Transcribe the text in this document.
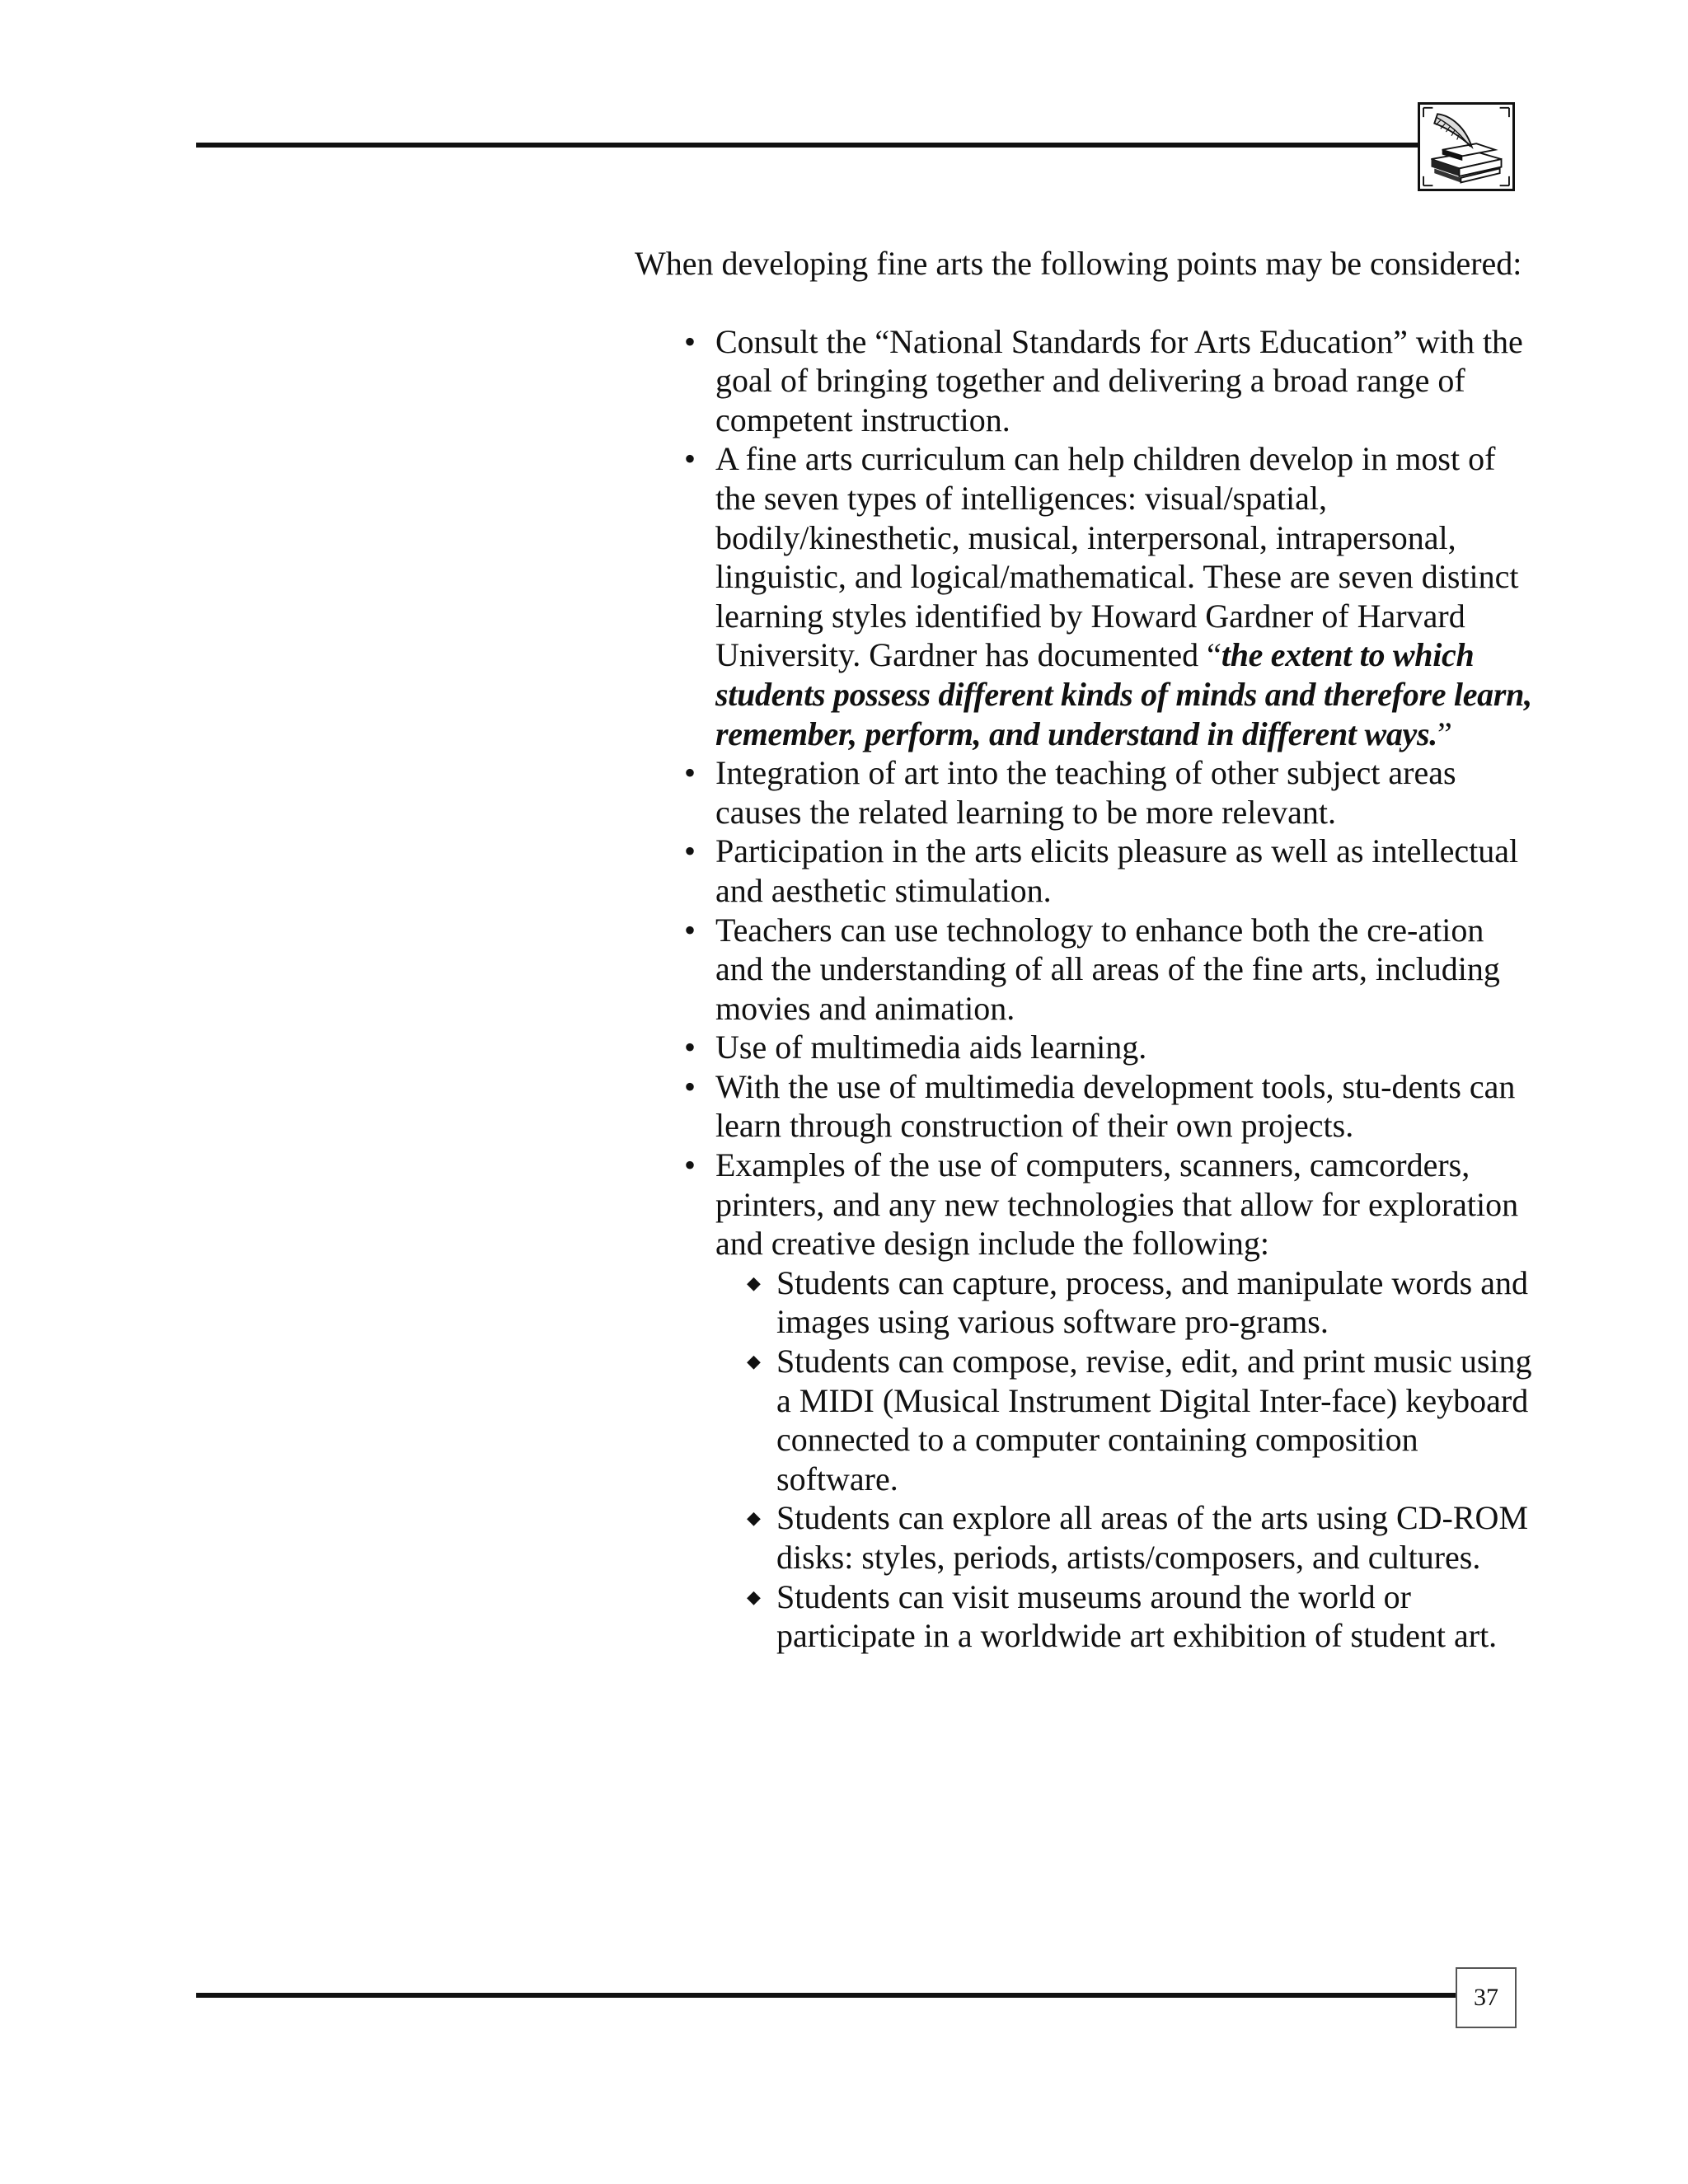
When developing fine arts the following points may be considered:

• Consult the “National Standards for Arts Education” with the goal of bringing together and delivering a broad range of competent instruction.
• A fine arts curriculum can help children develop in most of the seven types of intelligences: visual/spatial, bodily/kinesthetic, musical, interpersonal, intrapersonal, linguistic, and logical/mathematical. These are seven distinct learning styles identified by Howard Gardner of Harvard University. Gardner has documented “the extent to which students possess different kinds of minds and therefore learn, remember, perform, and understand in different ways.”
• Integration of art into the teaching of other subject areas causes the related learning to be more relevant.
• Participation in the arts elicits pleasure as well as intellectual and aesthetic stimulation.
• Teachers can use technology to enhance both the cre-ation and the understanding of all areas of the fine arts, including movies and animation.
• Use of multimedia aids learning.
• With the use of multimedia development tools, stu-dents can learn through construction of their own projects.
• Examples of the use of computers, scanners, camcorders, printers, and any new technologies that allow for exploration and creative design include the following:
◆ Students can capture, process, and manipulate words and images using various software pro-grams.
◆ Students can compose, revise, edit, and print music using a MIDI (Musical Instrument Digital Inter-face) keyboard connected to a computer containing composition software.
◆ Students can explore all areas of the arts using CD-ROM disks: styles, periods, artists/composers, and cultures.
◆ Students can visit museums around the world or participate in a worldwide art exhibition of student art.
37
